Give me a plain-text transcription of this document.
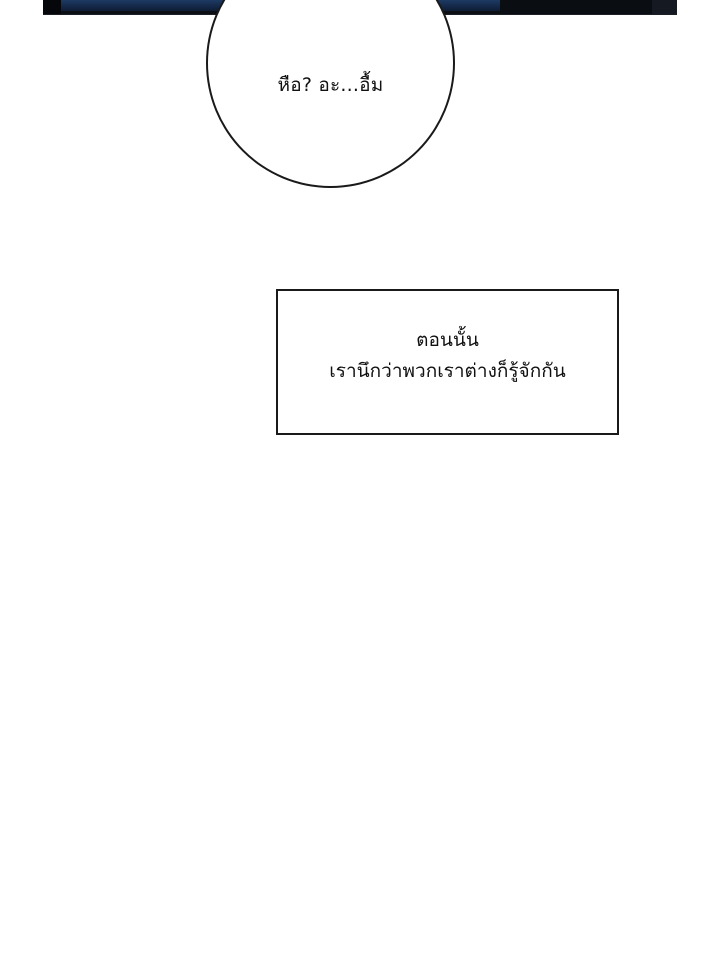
หือ? อะ...อื้ม
ตอนนั้น
เรานึกว่าพวกเราต่างก็รู้จักกัน
